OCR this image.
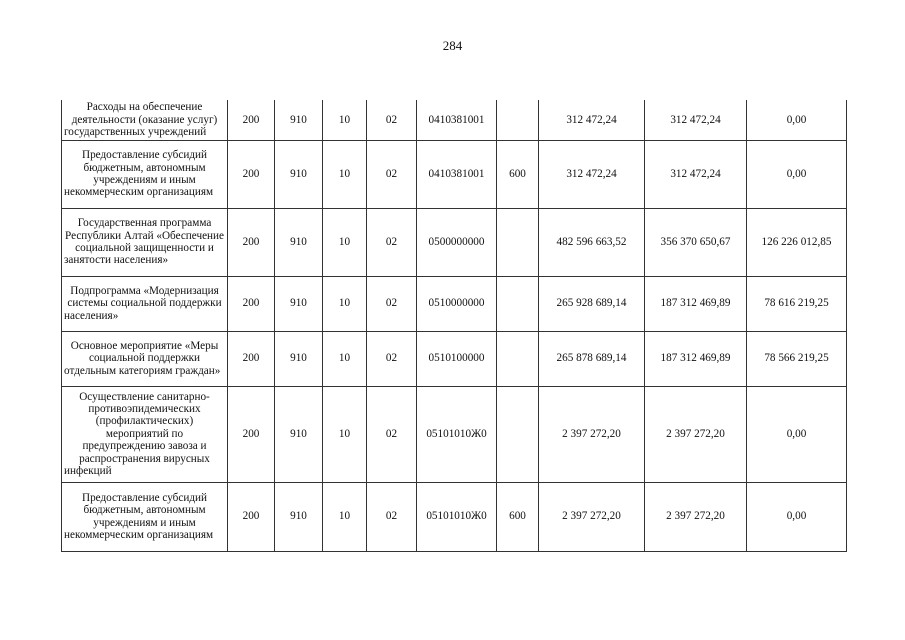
284
Расходы на обеспечение деятельности (оказание услуг) государственных учреждений	200	910	10	02	0410381001		312 472,24	312 472,24	0,00
Предоставление субсидий бюджетным, автономным учреждениям и иным некоммерческим организациям	200	910	10	02	0410381001	600	312 472,24	312 472,24	0,00
Государственная программа Республики Алтай «Обеспечение социальной защищенности и занятости населения»	200	910	10	02	0500000000		482 596 663,52	356 370 650,67	126 226 012,85
Подпрограмма «Модернизация системы социальной поддержки населения»	200	910	10	02	0510000000		265 928 689,14	187 312 469,89	78 616 219,25
Основное мероприятие «Меры социальной поддержки отдельным категориям граждан»	200	910	10	02	0510100000		265 878 689,14	187 312 469,89	78 566 219,25
Осуществление санитарно-противоэпидемических (профилактических) мероприятий по предупреждению завоза и распространения вирусных инфекций	200	910	10	02	05101010Ж0		2 397 272,20	2 397 272,20	0,00
Предоставление субсидий бюджетным, автономным учреждениям и иным некоммерческим организациям	200	910	10	02	05101010Ж0	600	2 397 272,20	2 397 272,20	0,00
